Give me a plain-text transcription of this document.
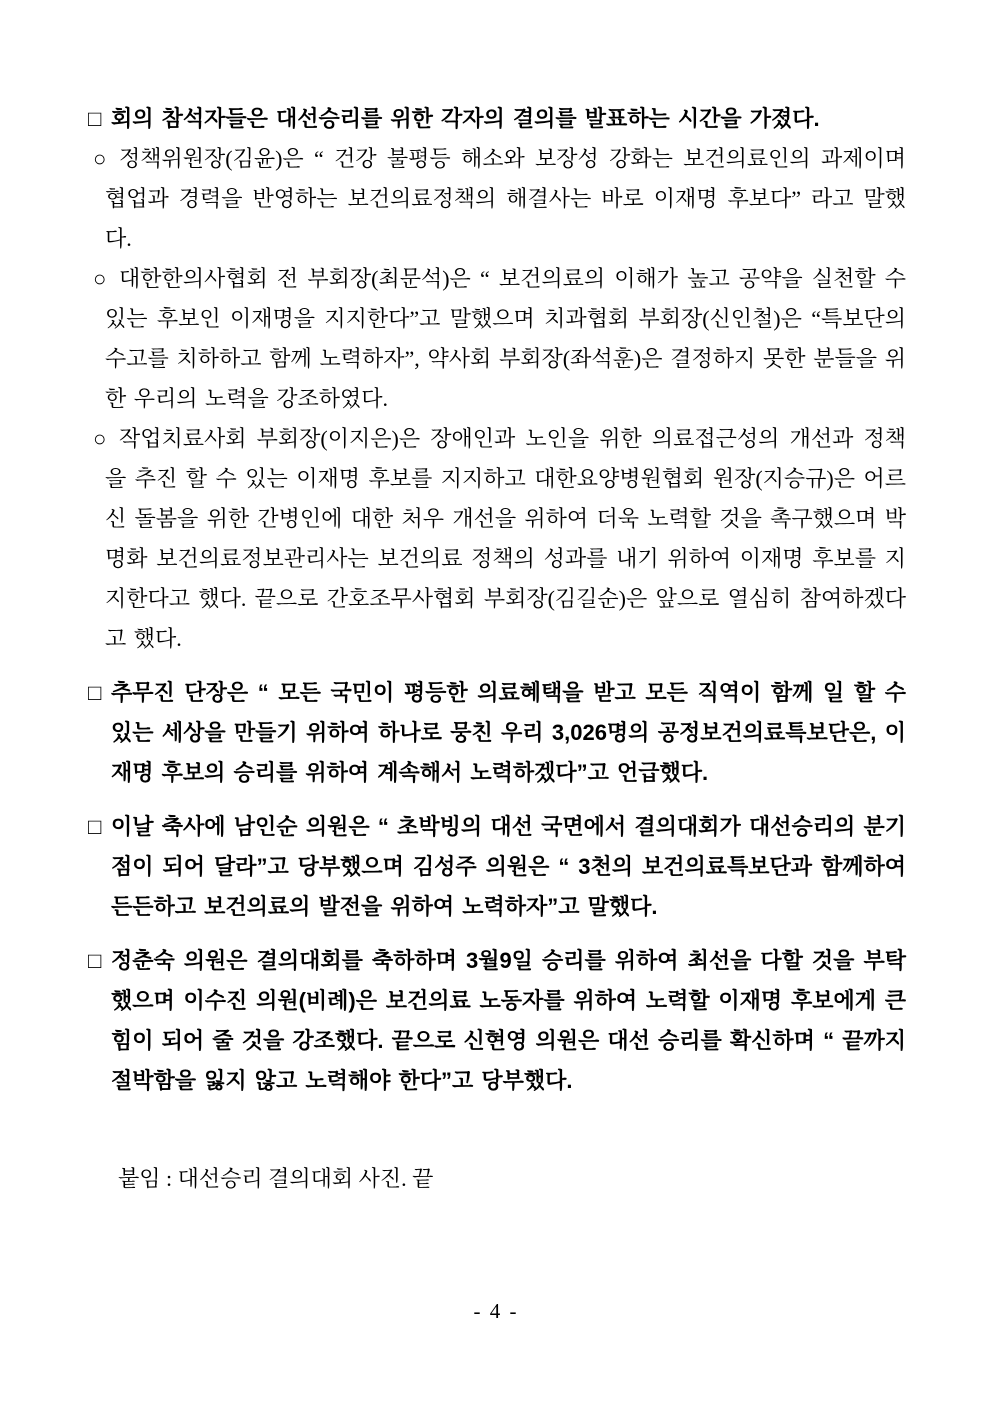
□ 회의 참석자들은 대선승리를 위한 각자의 결의를 발표하는 시간을 가졌다.

○ 정책위원장(김윤)은 “ 건강 불평등 해소와 보장성 강화는 보건의료인의 과제이며 협업과 경력을 반영하는 보건의료정책의 해결사는 바로 이재명 후보다” 라고 말했다.

○ 대한한의사협회 전 부회장(최문석)은 “ 보건의료의 이해가 높고 공약을 실천할 수 있는 후보인 이재명을 지지한다”고 말했으며 치과협회 부회장(신인철)은 “특보단의 수고를 치하하고 함께 노력하자”, 약사회 부회장(좌석훈)은 결정하지 못한 분들을 위한 우리의 노력을 강조하였다.

○ 작업치료사회 부회장(이지은)은 장애인과 노인을 위한 의료접근성의 개선과 정책을 추진 할 수 있는 이재명 후보를 지지하고 대한요양병원협회 원장(지승규)은 어르신 돌봄을 위한 간병인에 대한 처우 개선을 위하여 더욱 노력할 것을 촉구했으며 박명화 보건의료정보관리사는 보건의료 정책의 성과를 내기 위하여 이재명 후보를 지지한다고 했다. 끝으로 간호조무사협회 부회장(김길순)은 앞으로 열심히 참여하겠다고 했다.

□ 추무진 단장은 “ 모든 국민이 평등한 의료혜택을 받고 모든 직역이 함께 일 할 수 있는 세상을 만들기 위하여 하나로 뭉친 우리 3,026명의 공정보건의료특보단은, 이재명 후보의 승리를 위하여 계속해서 노력하겠다”고 언급했다.

□ 이날 축사에 남인순 의원은 “ 초박빙의 대선 국면에서 결의대회가 대선승리의 분기점이 되어 달라”고 당부했으며 김성주 의원은 “ 3천의 보건의료특보단과 함께하여 든든하고 보건의료의 발전을 위하여 노력하자”고 말했다.

□ 정춘숙 의원은 결의대회를 축하하며 3월9일 승리를 위하여 최선을 다할 것을 부탁했으며 이수진 의원(비례)은 보건의료 노동자를 위하여 노력할 이재명 후보에게 큰 힘이 되어 줄 것을 강조했다. 끝으로 신현영 의원은 대선 승리를 확신하며 “ 끝까지 절박함을 잃지 않고 노력해야 한다”고 당부했다.

붙임 : 대선승리 결의대회 사진. 끝

- 4 -
